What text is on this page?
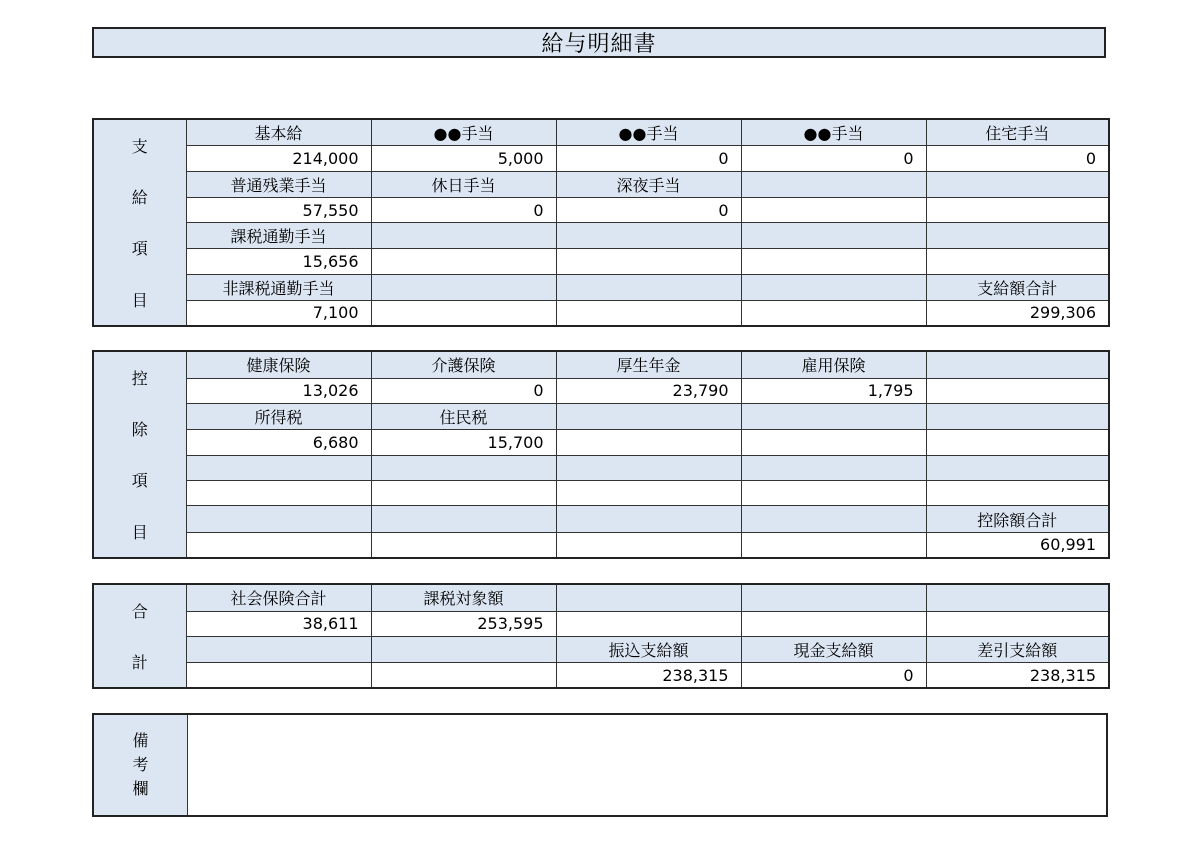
給与明細書
支
給
項
目	基本給	●●手当	●●手当	●●手当	住宅手当
	214,000	5,000	0	0	0
	普通残業手当	休日手当	深夜手当		
	57,550	0	0		
	課税通勤手当				
	15,656				
	非課税通勤手当				支給額合計
	7,100				299,306
控
除
項
目	健康保険	介護保険	厚生年金	雇用保険	
	13,026	0	23,790	1,795	
	所得税	住民税			
	6,680	15,700			

					控除額合計
					60,991
合
計	社会保険合計	課税対象額			
	38,611	253,595			
			振込支給額	現金支給額	差引支給額
			238,315	0	238,315
備
考
欄
